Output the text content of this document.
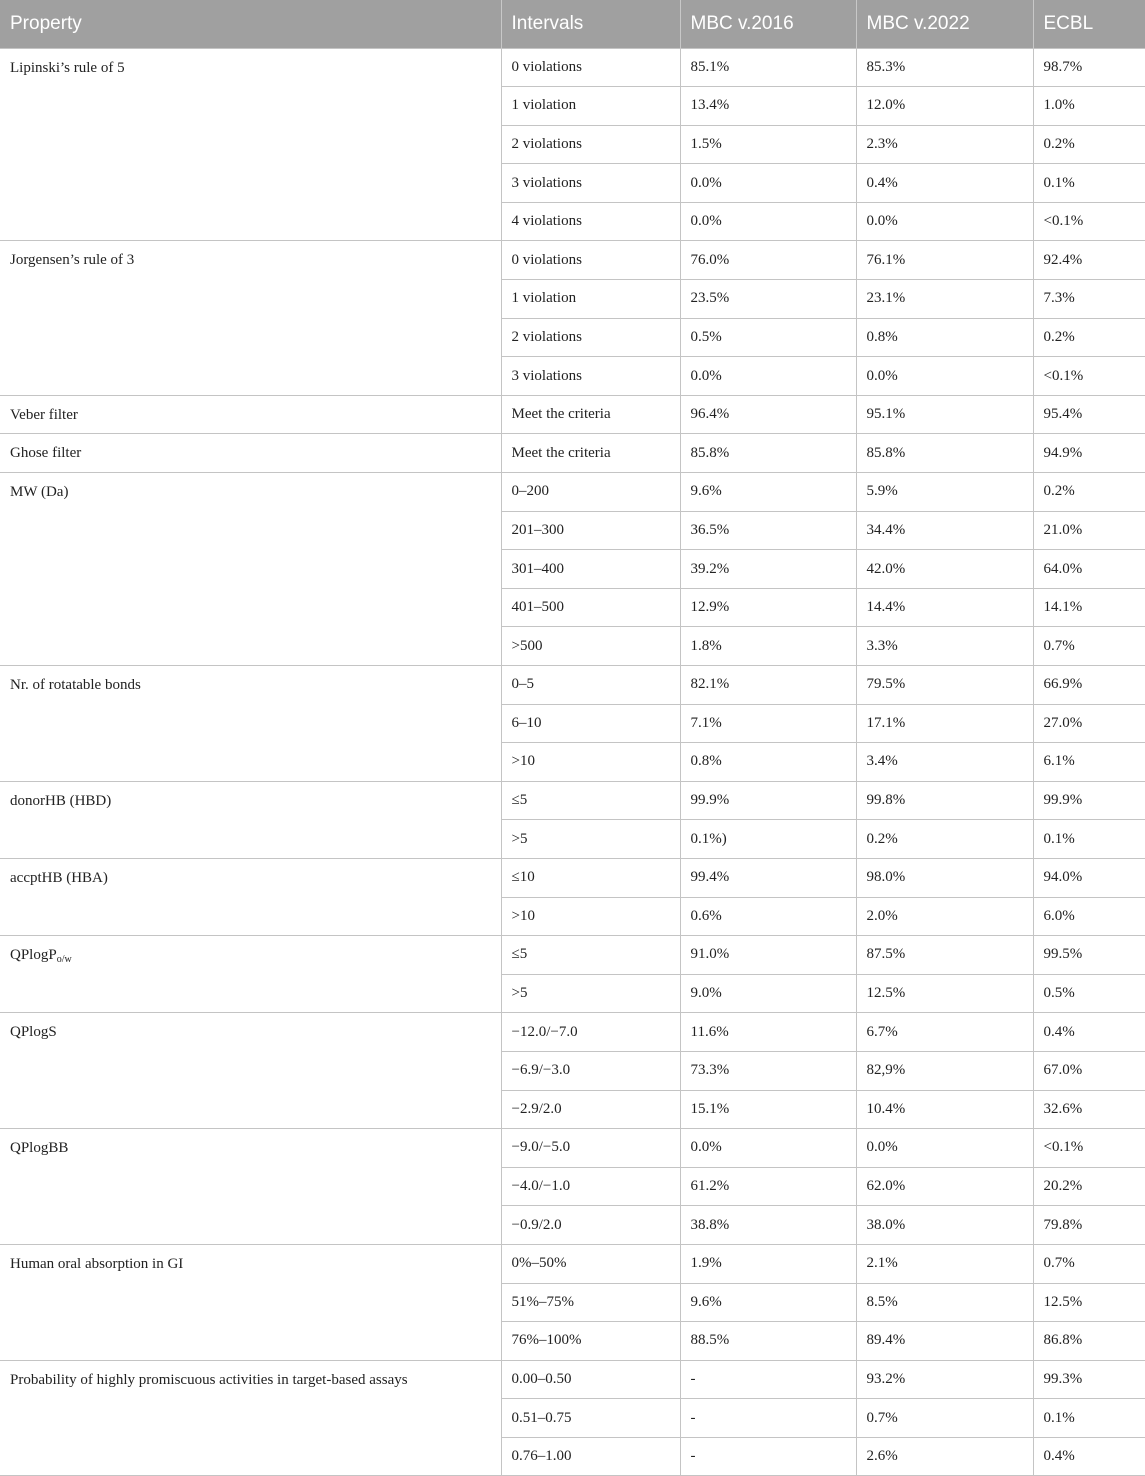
Property	Intervals	MBC v.2016	MBC v.2022	ECBL
Lipinski’s rule of 5	0 violations	85.1%	85.3%	98.7%
	1 violation	13.4%	12.0%	1.0%
	2 violations	1.5%	2.3%	0.2%
	3 violations	0.0%	0.4%	0.1%
	4 violations	0.0%	0.0%	<0.1%
Jorgensen’s rule of 3	0 violations	76.0%	76.1%	92.4%
	1 violation	23.5%	23.1%	7.3%
	2 violations	0.5%	0.8%	0.2%
	3 violations	0.0%	0.0%	<0.1%
Veber filter	Meet the criteria	96.4%	95.1%	95.4%
Ghose filter	Meet the criteria	85.8%	85.8%	94.9%
MW (Da)	0–200	9.6%	5.9%	0.2%
	201–300	36.5%	34.4%	21.0%
	301–400	39.2%	42.0%	64.0%
	401–500	12.9%	14.4%	14.1%
	>500	1.8%	3.3%	0.7%
Nr. of rotatable bonds	0–5	82.1%	79.5%	66.9%
	6–10	7.1%	17.1%	27.0%
	>10	0.8%	3.4%	6.1%
donorHB (HBD)	≤5	99.9%	99.8%	99.9%
	>5	0.1%)	0.2%	0.1%
accptHB (HBA)	≤10	99.4%	98.0%	94.0%
	>10	0.6%	2.0%	6.0%
QPlogP$_{o/w}$	≤5	91.0%	87.5%	99.5%
	>5	9.0%	12.5%	0.5%
QPlogS	−12.0/−7.0	11.6%	6.7%	0.4%
	−6.9/−3.0	73.3%	82,9%	67.0%
	−2.9/2.0	15.1%	10.4%	32.6%
QPlogBB	−9.0/−5.0	0.0%	0.0%	<0.1%
	−4.0/−1.0	61.2%	62.0%	20.2%
	−0.9/2.0	38.8%	38.0%	79.8%
Human oral absorption in GI	0%–50%	1.9%	2.1%	0.7%
	51%–75%	9.6%	8.5%	12.5%
	76%–100%	88.5%	89.4%	86.8%
Probability of highly promiscuous activities in target-based assays	0.00–0.50	-	93.2%	99.3%
	0.51–0.75	-	0.7%	0.1%
	0.76–1.00	-	2.6%	0.4%
